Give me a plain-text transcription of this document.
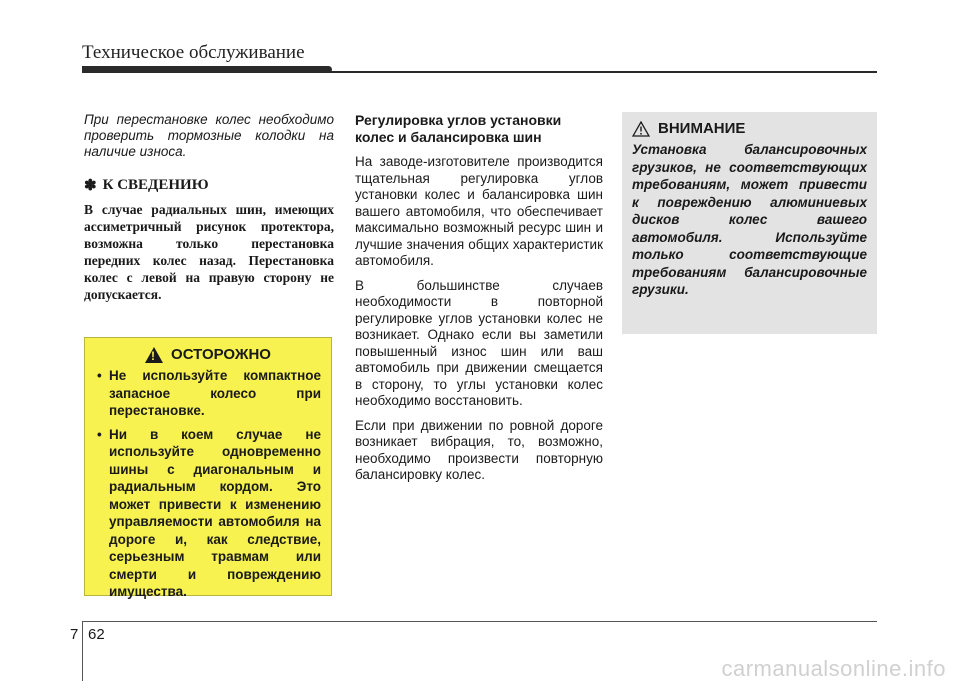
Техническое обслуживание

При перестановке колес необходимо проверить тормозные колодки на наличие износа.

✽ К СВЕДЕНИЮ

В случае радиальных шин, имеющих ассиметричный рисунок протектора, возможна только перестановка передних колес назад. Перестановка колес с левой на правую сторону не допускается.

!
ОСТОРОЖНО
• Не используйте компактное запасное колесо при перестановке.
• Ни в коем случае не используйте одновременно шины с диагональным и радиальным кордом. Это может привести к изменению управляемости автомобиля на дороге и, как следствие, серьезным травмам или смерти и повреждению имущества.

Регулировка углов установки колес и балансировка шин

На заводе-изготовителе производится тщательная регулировка углов установки колес и балансировка шин вашего автомобиля, что обеспечивает максимально возможный ресурс шин и лучшие значения общих характеристик автомобиля.

В большинстве случаев необходимости в повторной регулировке углов установки колес не возникает. Однако если вы заметили повышенный износ шин или ваш автомобиль при движении смещается в сторону, то углы установки колес необходимо восстановить.

Если при движении по ровной дороге возникает вибрация, то, возможно, необходимо произвести повторную балансировку колес.

ВНИМАНИЕ

Установка балансировочных грузиков, не соответствующих требованиям, может привести к повреждению алюминиевых дисков колес вашего автомобиля. Используйте только соответствующие требованиям балансировочные грузики.

7 62
carmanualsonline.info
